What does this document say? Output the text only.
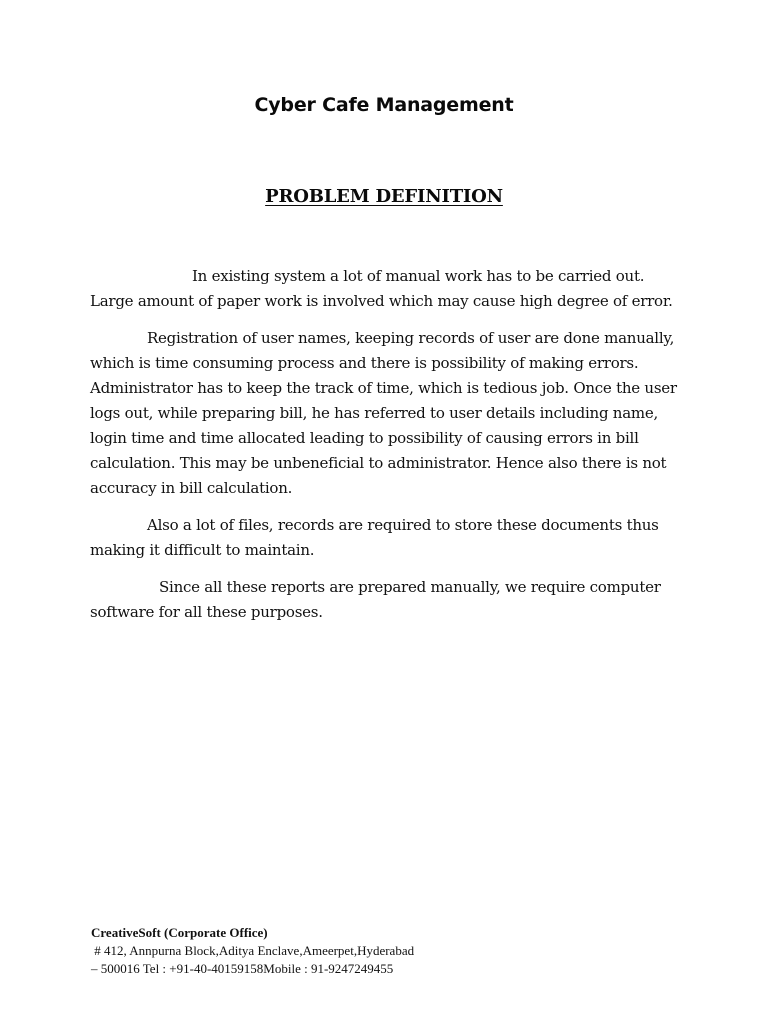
Cyber Cafe Management
PROBLEM DEFINITION

In existing system a lot of manual work has to be carried out. Large amount of paper work is involved which may cause high degree of error.

Registration of user names, keeping records of user are done manually, which is time consuming process and there is possibility of making errors. Administrator has to keep the track of time, which is tedious job. Once the user logs out, while preparing bill, he has referred to user details including name, login time and time allocated leading to possibility of causing errors in bill calculation. This may be unbeneficial to administrator. Hence also there is not accuracy in bill calculation.

Also a lot of files, records are required to store these documents thus making it difficult to maintain.

Since all these reports are prepared manually, we require computer software for all these purposes.

CreativeSoft (Corporate Office)
# 412, Annpurna Block,Aditya Enclave,Ameerpet,Hyderabad
– 500016 Tel : +91-40-40159158Mobile : 91-9247249455
